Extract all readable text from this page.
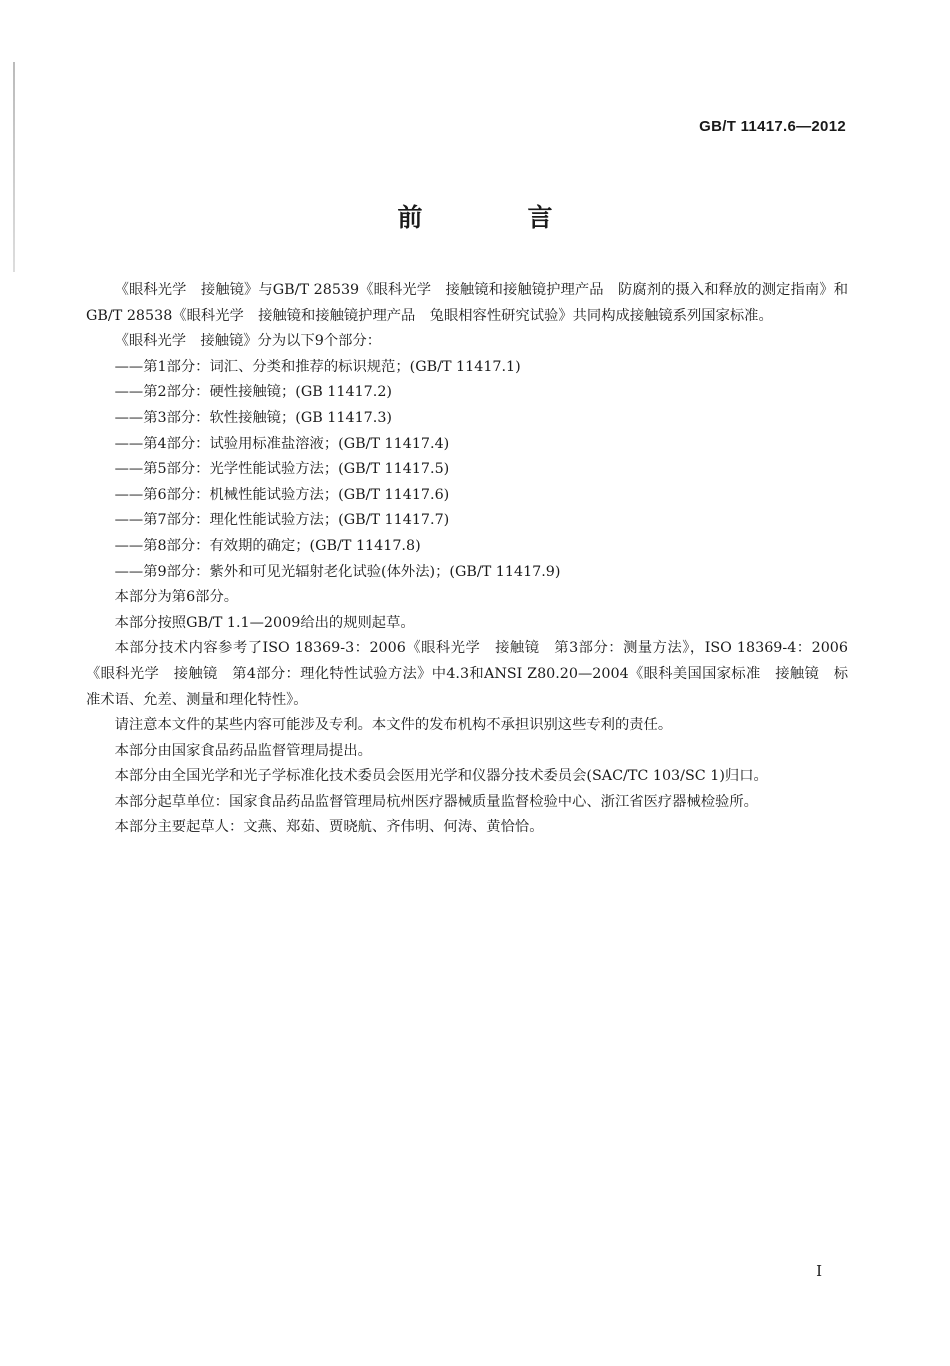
GB/T 11417.6—2012
前　言

《眼科光学　接触镜》与GB/T 28539《眼科光学　接触镜和接触镜护理产品　防腐剂的摄入和释放的测定指南》和GB/T 28538《眼科光学　接触镜和接触镜护理产品　兔眼相容性研究试验》共同构成接触镜系列国家标准。

《眼科光学　接触镜》分为以下9个部分：

——第1部分：词汇、分类和推荐的标识规范；(GB/T 11417.1)
——第2部分：硬性接触镜；(GB 11417.2)
——第3部分：软性接触镜；(GB 11417.3)
——第4部分：试验用标准盐溶液；(GB/T 11417.4)
——第5部分：光学性能试验方法；(GB/T 11417.5)
——第6部分：机械性能试验方法；(GB/T 11417.6)
——第7部分：理化性能试验方法；(GB/T 11417.7)
——第8部分：有效期的确定；(GB/T 11417.8)
——第9部分：紫外和可见光辐射老化试验(体外法)；(GB/T 11417.9)

本部分为第6部分。

本部分按照GB/T 1.1—2009给出的规则起草。

本部分技术内容参考了ISO 18369-3：2006《眼科光学　接触镜　第3部分：测量方法》，ISO 18369-4：2006《眼科光学　接触镜　第4部分：理化特性试验方法》中4.3和ANSI Z80.20—2004《眼科美国国家标准　接触镜　标准术语、允差、测量和理化特性》。

请注意本文件的某些内容可能涉及专利。本文件的发布机构不承担识别这些专利的责任。

本部分由国家食品药品监督管理局提出。

本部分由全国光学和光子学标准化技术委员会医用光学和仪器分技术委员会(SAC/TC 103/SC 1)归口。

本部分起草单位：国家食品药品监督管理局杭州医疗器械质量监督检验中心、浙江省医疗器械检验所。

本部分主要起草人：文燕、郑茹、贾晓航、齐伟明、何涛、黄恰恰。

I
